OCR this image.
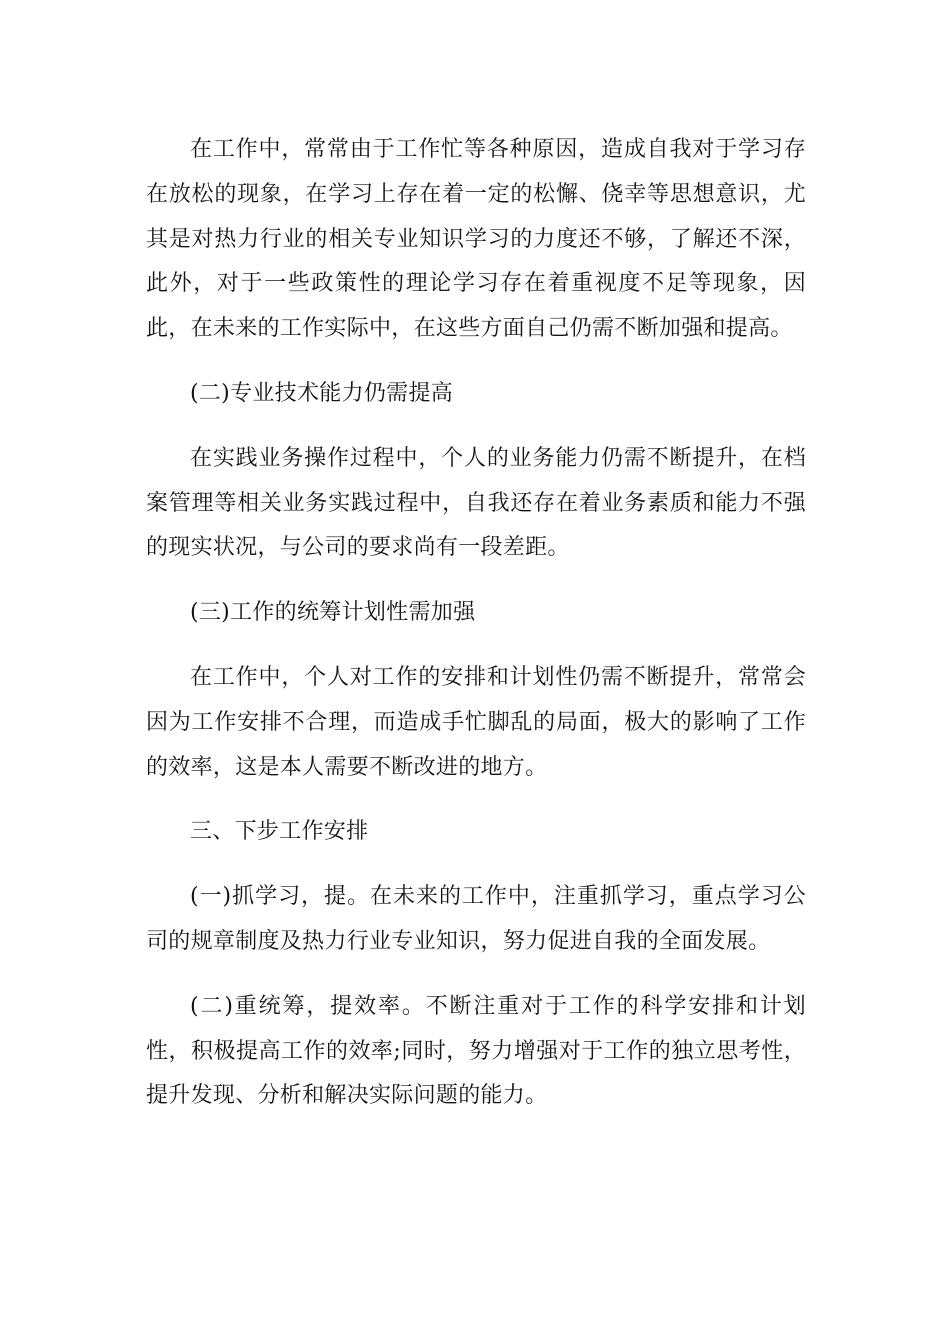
在工作中，常常由于工作忙等各种原因，造成自我对于学习存在放松的现象，在学习上存在着一定的松懈、侥幸等思想意识，尤其是对热力行业的相关专业知识学习的力度还不够，了解还不深，此外，对于一些政策性的理论学习存在着重视度不足等现象，因此，在未来的工作实际中，在这些方面自己仍需不断加强和提高。

(二)专业技术能力仍需提高

在实践业务操作过程中，个人的业务能力仍需不断提升，在档案管理等相关业务实践过程中，自我还存在着业务素质和能力不强的现实状况，与公司的要求尚有一段差距。

(三)工作的统筹计划性需加强

在工作中，个人对工作的安排和计划性仍需不断提升，常常会因为工作安排不合理，而造成手忙脚乱的局面，极大的影响了工作的效率，这是本人需要不断改进的地方。

三、下步工作安排

(一)抓学习，提。在未来的工作中，注重抓学习，重点学习公司的规章制度及热力行业专业知识，努力促进自我的全面发展。

(二)重统筹，提效率。不断注重对于工作的科学安排和计划性，积极提高工作的效率;同时，努力增强对于工作的独立思考性，提升发现、分析和解决实际问题的能力。
